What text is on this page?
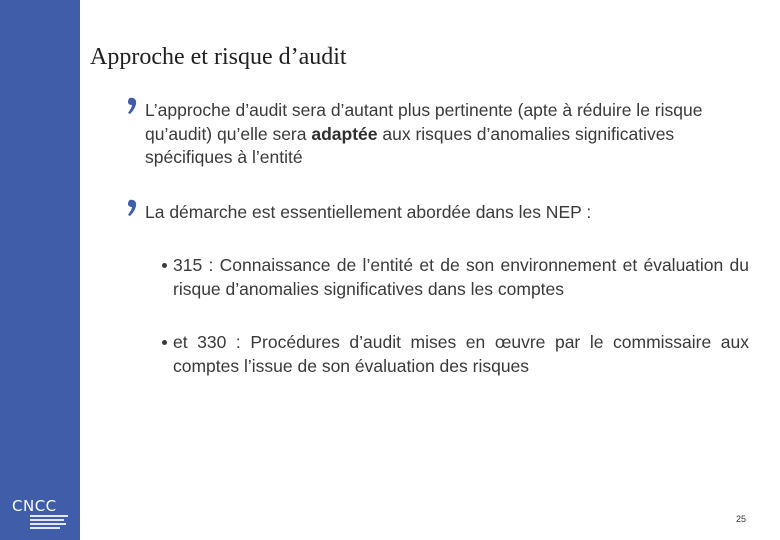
CNCC
Approche et risque d’audit

L’approche d’audit sera d’autant plus pertinente (apte à réduire le risque qu’audit) qu’elle sera adaptée aux risques d’anomalies significatives spécifiques à l’entité

La démarche est essentiellement abordée dans les NEP :

315 : Connaissance de l’entité et de son environnement et évaluation du risque d’anomalies significatives dans les comptes

et 330 : Procédures d’audit mises en œuvre par le commissaire aux comptes l’issue de son évaluation des risques

25
